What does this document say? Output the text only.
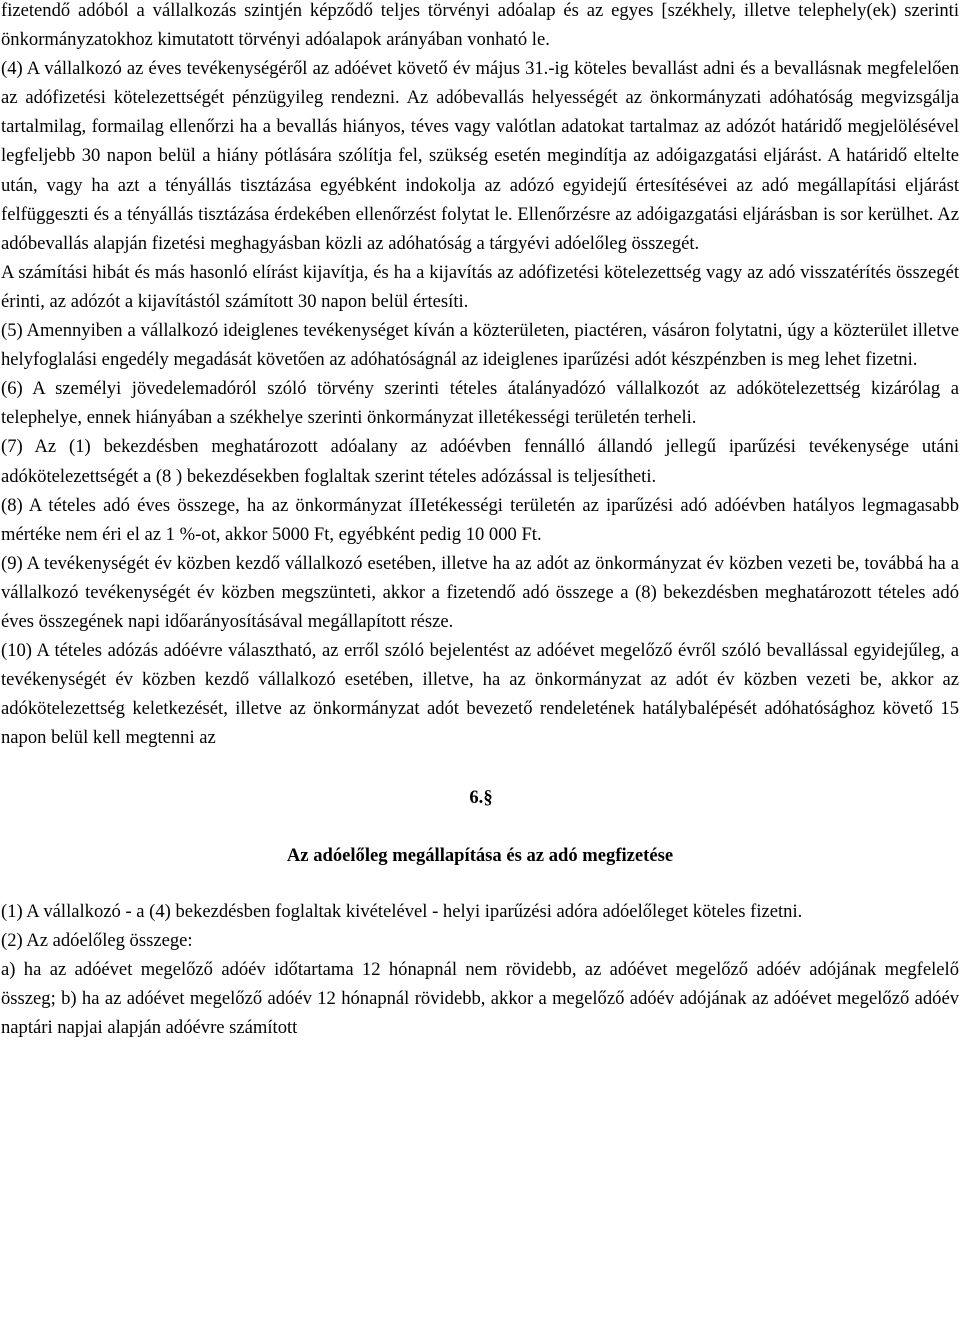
fizetendő adóból a vállalkozás szintjén képződő teljes törvényi adóalap és az egyes [székhely, illetve telephely(ek) szerinti önkormányzatokhoz kimutatott törvényi adóalapok arányában vonható le.

(4) A vállalkozó az éves tevékenységéről az adóévet követő év május 31.-ig köteles bevallást adni és a bevallásnak megfelelően az adófizetési kötelezettségét pénzügyileg rendezni. Az adóbevallás helyességét az önkormányzati adóhatóság megvizsgálja tartalmilag, formailag ellenőrzi ha a bevallás hiányos, téves vagy valótlan adatokat tartalmaz az adózót határidő megjelölésével legfeljebb 30 napon belül a hiány pótlására szólítja fel, szükség esetén megindítja az adóigazgatási eljárást. A határidő eltelte után, vagy ha azt a tényállás tisztázása egyébként indokolja az adózó egyidejű értesítésévei az adó megállapítási eljárást felfüggeszti és a tényállás tisztázása érdekében ellenőrzést folytat le. Ellenőrzésre az adóigazgatási eljárásban is sor kerülhet. Az adóbevallás alapján fizetési meghagyásban közli az adóhatóság a tárgyévi adóelőleg összegét.

A számítási hibát és más hasonló elírást kijavítja, és ha a kijavítás az adófizetési kötelezettség vagy az adó visszatérítés összegét érinti, az adózót a kijavítástól számított 30 napon belül értesíti.

(5) Amennyiben a vállalkozó ideiglenes tevékenységet kíván a közterületen, piactéren, vásáron folytatni, úgy a közterület illetve helyfoglalási engedély megadását követően az adóhatóságnál az ideiglenes iparűzési adót készpénzben is meg lehet fizetni.

(6) A személyi jövedelemadóról szóló törvény szerinti tételes átalányadózó vállalkozót az adókötelezettség kizárólag a telephelye, ennek hiányában a székhelye szerinti önkormányzat illetékességi területén terheli.

(7) Az (1) bekezdésben meghatározott adóalany az adóévben fennálló állandó jellegű iparűzési tevékenysége utáni adókötelezettségét a (8 ) bekezdésekben foglaltak szerint tételes adózással is teljesítheti.

(8) A tételes adó éves összege, ha az önkormányzat íIIetékességi területén az iparűzési adó adóévben hatályos legmagasabb mértéke nem éri el az 1 %-ot, akkor 5000 Ft, egyébként pedig 10 000 Ft.

(9) A tevékenységét év közben kezdő vállalkozó esetében, illetve ha az adót az önkormányzat év közben vezeti be, továbbá ha a vállalkozó tevékenységét év közben megszünteti, akkor a fizetendő adó összege a (8) bekezdésben meghatározott tételes adó éves összegének napi időarányosításával megállapított része.

(10) A tételes adózás adóévre választható, az erről szóló bejelentést az adóévet megelőző évről szóló bevallással egyidejűleg, a tevékenységét év közben kezdő vállalkozó esetében, illetve, ha az önkormányzat az adót év közben vezeti be, akkor az adókötelezettség keletkezését, illetve az önkormányzat adót bevezető rendeletének hatálybalépését adóhatósághoz követő 15 napon belül kell megtenni az

6.§

Az adóelőleg megállapítása és az adó megfizetése

(1) A vállalkozó - a (4) bekezdésben foglaltak kivételével - helyi iparűzési adóra adóelőleget köteles fizetni.

(2) Az adóelőleg összege:

a) ha az adóévet megelőző adóév időtartama 12 hónapnál nem rövidebb, az adóévet megelőző adóév adójának megfelelő összeg; b) ha az adóévet megelőző adóév 12 hónapnál rövidebb, akkor a megelőző adóév adójának az adóévet megelőző adóév naptári napjai alapján adóévre számított
